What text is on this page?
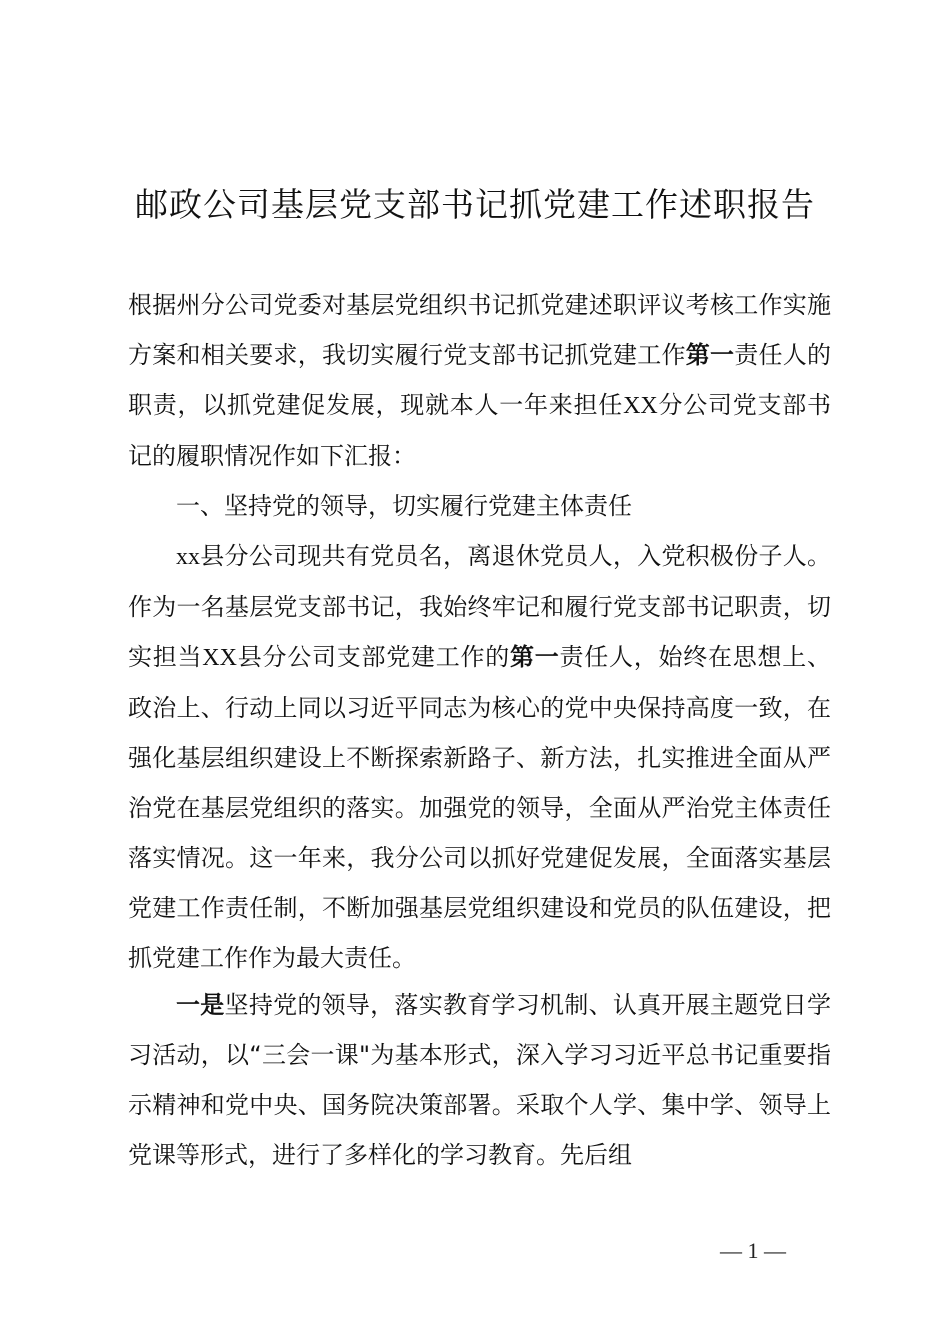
邮政公司基层党支部书记抓党建工作述职报告

根据州分公司党委对基层党组织书记抓党建述职评议考核工作实施方案和相关要求，我切实履行党支部书记抓党建工作第一责任人的职责，以抓党建促发展，现就本人一年来担任XX分公司党支部书记的履职情况作如下汇报：

一、坚持党的领导，切实履行党建主体责任

xx县分公司现共有党员名，离退休党员人，入党积极份子人。作为一名基层党支部书记，我始终牢记和履行党支部书记职责，切实担当XX县分公司支部党建工作的第一责任人，始终在思想上、政治上、行动上同以习近平同志为核心的党中央保持高度一致，在强化基层组织建设上不断探索新路子、新方法，扎实推进全面从严治党在基层党组织的落实。加强党的领导，全面从严治党主体责任落实情况。这一年来，我分公司以抓好党建促发展，全面落实基层党建工作责任制，不断加强基层党组织建设和党员的队伍建设，把抓党建工作作为最大责任。

一是坚持党的领导，落实教育学习机制、认真开展主题党日学习活动，以“三会一课"为基本形式，深入学习习近平总书记重要指示精神和党中央、国务院决策部署。采取个人学、集中学、领导上党课等形式，进行了多样化的学习教育。先后组

— 1 —
